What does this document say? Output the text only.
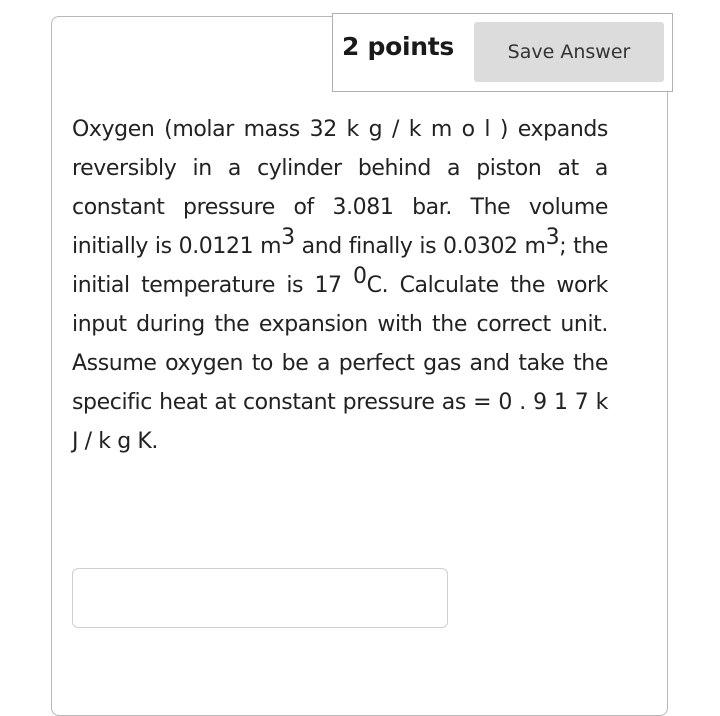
2 points	Save Answer
Oxygen (molar mass 32 k g / k m o l ) expands reversibly in a cylinder behind a piston at a constant pressure of 3.081 bar. The volume initially is 0.0121 $m^3$ and finally is 0.0302 $m^3$; the initial temperature is 17 $^0$C. Calculate the work input during the expansion with the correct unit. Assume oxygen to be a perfect gas and take the specific heat at constant pressure as = 0 . 9 1 7 k J / k g K.
